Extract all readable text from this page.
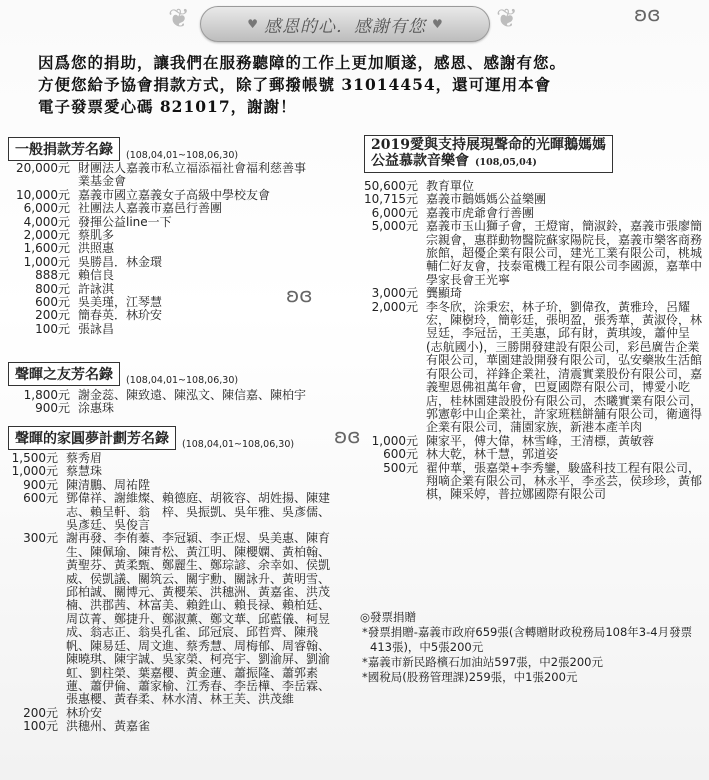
❦	♥ 感恩的心．感謝有您 ♥ ❦	ʚɞ
因爲您的捐助，讓我們在服務聽障的工作上更加順遂，感恩、感謝有您。
方便您給予協會捐款方式，除了郵撥帳號 31014454，還可運用本會
電子發票愛心碼 821017，謝謝！
一般捐款芳名錄	(108,04,01~108,06,30)
20,000元 財團法人嘉義市私立福添福社會福利慈善事業基金會
10,000元 嘉義市國立嘉義女子高級中學校友會
6,000元 社團法人嘉義市嘉邑行善團
4,000元 發揮公益line一下
2,000元 蔡肌多
1,600元 洪照惠
1,000元 吳勝昌．林金環
888元 賴信良
800元 許詠淇
600元 吳美瑾，江琴慧
200元 簡春英．林玠安
100元 張詠昌
聲暉之友芳名錄	(108,04,01~108,06,30)
1,800元 謝金蕊、陳致遠、陳泓文、陳信嘉、陳柏宇
900元 涂惠珠
聲暉的家圓夢計劃芳名錄	(108,04,01~108,06,30)
ʚɞ
ʚɞ
1,500元 蔡秀眉
1,000元 蔡慧珠
900元 陳清鵬、周祐陞
600元 鄧偉祥、謝維燦、賴德庭、胡筱容、胡姓揚、陳建志、賴呈軒、翁　梓、吳振凱、吳年雅、吳彥儒、吳彥廷、吳俊言
300元 謝再發、李侑蓁、李冠穎、李正煜、吳美惠、陳育生、陳佩瑜、陳青松、黃江明、陳櫻嫻、黃柏翰、黃聖芬、黃柔甄、鄭麗生、鄭琮諺、余幸如、侯凱威、侯凱議、關筑云、關宇勳、關詠升、黃明雪、邱柏誠、關博元、黃櫻茱、洪穗洲、黃嘉雀、洪茂楠、洪郡茜、林富美、賴鉎山、賴長禄、賴柏廷、周苡菁、鄭捷升、鄭淑薰、鄭文華、邱藍儀、柯昱成、翁志正、翁吳孔雀、邱冠宸、邱哲齊、陳飛帆、陳易廷、周文進、蔡秀慧、周梅郁、周睿翰、陳曉琪、陳宇誠、吳家榮、柯亮宇、劉渝屏、劉渝虹、劉柱榮、葉嘉櫻、黃金蓮、蕭振隆、蕭郭素蓮、蕭伊倫、蕭家榆、江秀春、李岳樺、李岳霖、張惠櫻、黃春柔、林水清、林王芙、洪茂維
200元 林玠安
100元 洪穗州、黃嘉雀
2019愛與支持展現聲命的光暉鵝媽媽
公益慕款音樂會 (108,05,04)
50,600元 教育單位
10,715元 嘉義市鵝媽媽公益樂團
6,000元 嘉義市虎爺會行善團
5,000元 嘉義市玉山獅子會，王燈甯，簡淑鈴，嘉義市張廖簡宗親會，惠群動物醫院蘇家陽院長，嘉義市樂客商務旅館，超優企業有限公司，建光工業有限公司，桃城輔仁好友會，技泰電機工程有限公司李國源，嘉華中學家長會王光寧
3,000元 龔顯琦
2,000元 李冬欣，涂秉宏，林子玠，劉偉孜，黃雅玲，呂耀宏，陳樹玲，簡彰廷，張明盈，張秀華，黃淑伶，林昱廷，李冠岳，王美惠，邱有財，黃琪竣，蕭仲呈(志航國小)，三勝開發建設有限公司，彩邑廣告企業有限公司，華園建設開發有限公司，弘安藥妝生活館有限公司，祥鋒企業社，清震實業股份有限公司，嘉義聖恩佛祖萬年會，巴夏國際有限公司，博愛小吃店，桂林園建設股份有限公司，杰曦實業有限公司，郭憲彰中山企業社，許家班糕餅舖有限公司，衛適得企業有限公司，蒲園家族，新港本產羊肉
1,000元 陳家平，傅大偉，林雪峰，王清標，黃敏蓉
600元 林大乾，林千慧，郭道姿
500元 翟仲華，張嘉榮+李秀鑾，駿盛科技工程有限公司，翔嘀企業有限公司，林永平，李丞芸，侯珍珍，黃郁棋，陳采婷，普拉娜國際有限公司
◎發票捐贈
*發票捐贈-嘉義市政府659張(含轉贈財政稅務局108年3-4月發票413張)，中5張200元
*嘉義市新民路檳石加油站597張，中2張200元
*國稅局(股務管理課)259張，中1張200元
